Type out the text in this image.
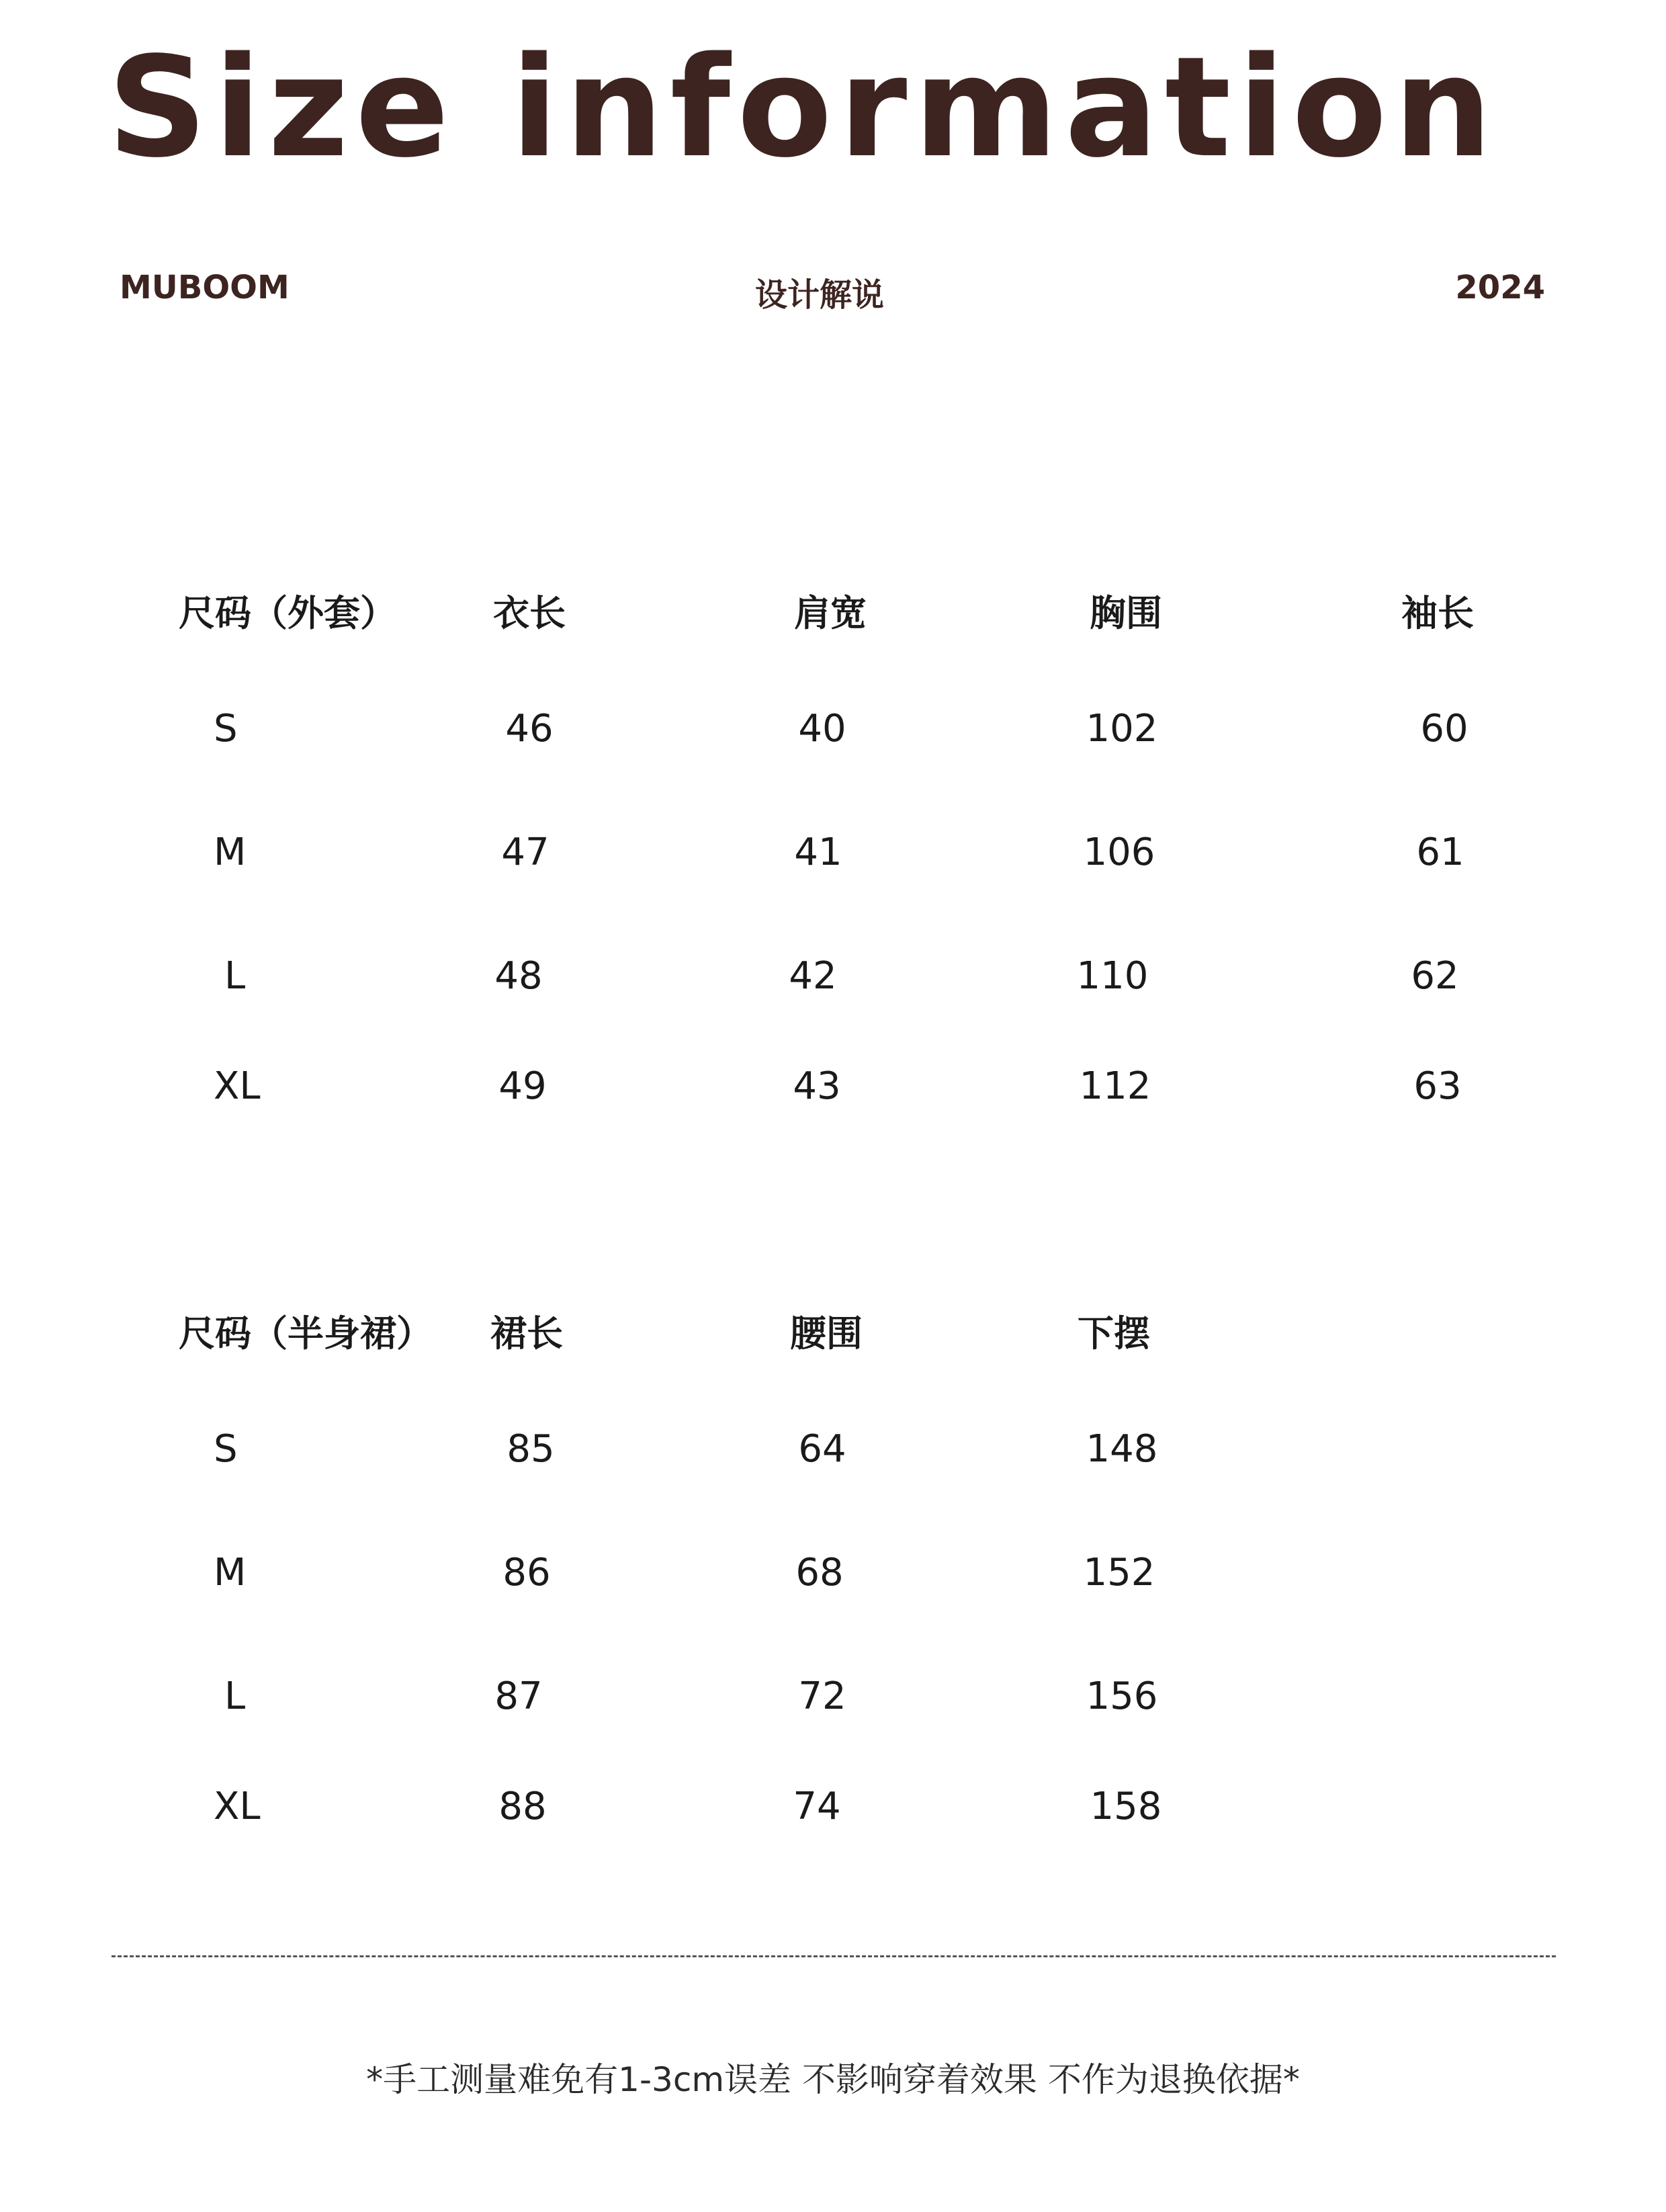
Size information
MUBOOM	设计解说	2024
尺码（外套）	衣长	肩宽	胸围	袖长
S	46	40	102	60
M	47	41	106	61
L	48	42	110	62
XL	49	43	112	63
尺码（半身裙）	裙长	腰围	下摆
S	85	64	148
M	86	68	152
L	87	72	156
XL	88	74	158
*手工测量难免有1-3cm误差 不影响穿着效果 不作为退换依据*
